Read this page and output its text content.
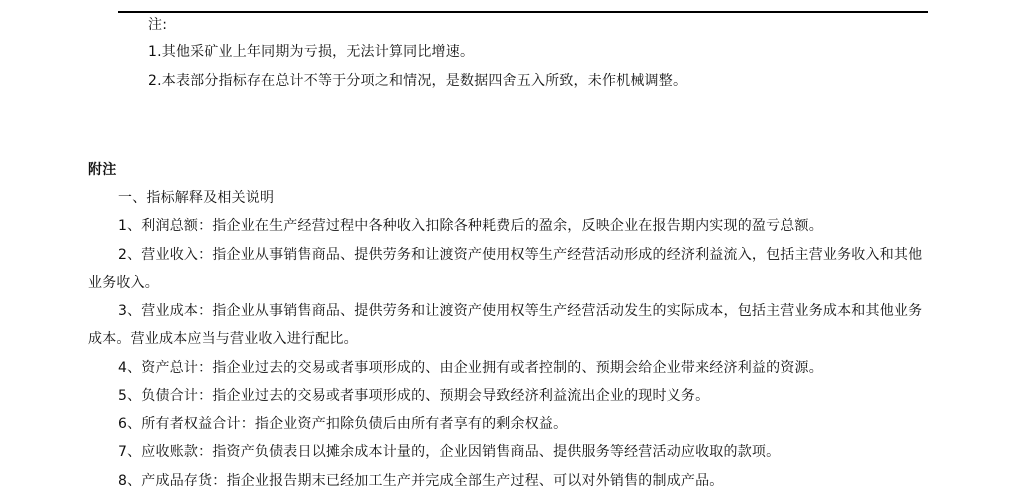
注:
1.其他采矿业上年同期为亏损，无法计算同比增速。
2.本表部分指标存在总计不等于分项之和情况，是数据四舍五入所致，未作机械调整。
附注
一、指标解释及相关说明
1、利润总额：指企业在生产经营过程中各种收入扣除各种耗费后的盈余，反映企业在报告期内实现的盈亏总额。
2、营业收入：指企业从事销售商品、提供劳务和让渡资产使用权等生产经营活动形成的经济利益流入，包括主营业务收入和其他
业务收入。
3、营业成本：指企业从事销售商品、提供劳务和让渡资产使用权等生产经营活动发生的实际成本，包括主营业务成本和其他业务
成本。营业成本应当与营业收入进行配比。
4、资产总计：指企业过去的交易或者事项形成的、由企业拥有或者控制的、预期会给企业带来经济利益的资源。
5、负债合计：指企业过去的交易或者事项形成的、预期会导致经济利益流出企业的现时义务。
6、所有者权益合计：指企业资产扣除负债后由所有者享有的剩余权益。
7、应收账款：指资产负债表日以摊余成本计量的，企业因销售商品、提供服务等经营活动应收取的款项。
8、产成品存货：指企业报告期末已经加工生产并完成全部生产过程、可以对外销售的制成产品。
